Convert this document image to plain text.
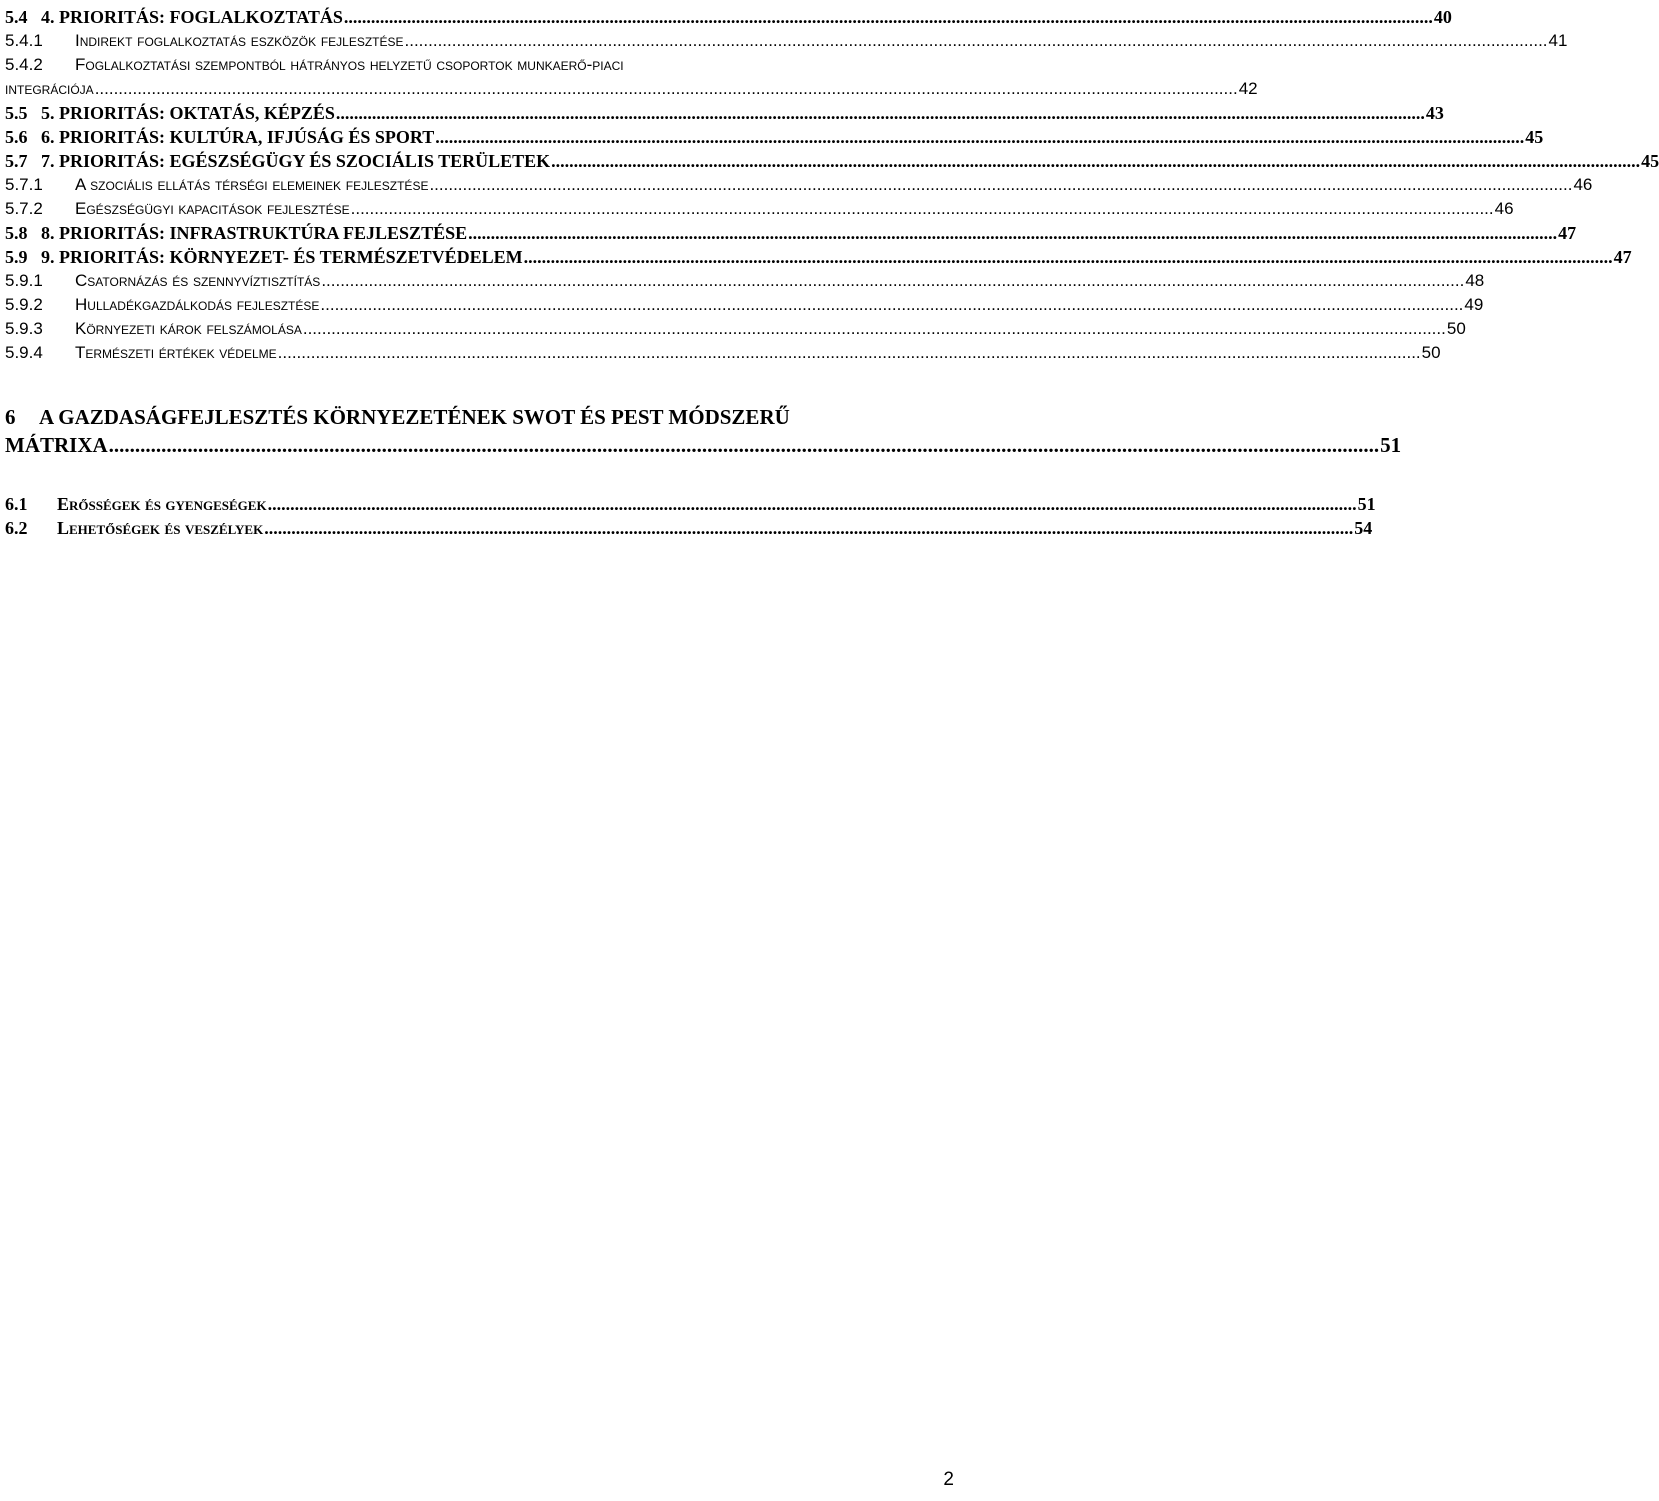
5.4 4. PRIORITÁS: FOGLALKOZTATÁS .....	40
5.4.1	Indirekt foglalkoztatás eszközök fejlesztése .....	41
5.4.2 Foglalkoztatási szempontból hátrányos helyzetű csoportok munkaerő-piaci
integrációja .....	42
5.5 5. PRIORITÁS: OKTATÁS, KÉPZÉS .....	43
5.6 6. PRIORITÁS: KULTÚRA, IFJÚSÁG ÉS SPORT .....	45
5.7 7. PRIORITÁS: EGÉSZSÉGÜGY ÉS SZOCIÁLIS TERÜLETEK .....	45
5.7.1	A szociális ellátás térségi elemeinek fejlesztése .....	46
5.7.2	Egészségügyi kapacitások fejlesztése .....	46
5.8 8. PRIORITÁS: INFRASTRUKTÚRA FEJLESZTÉSE .....	47
5.9 9. PRIORITÁS: KÖRNYEZET- ÉS TERMÉSZETVÉDELEM .....	47
5.9.1	Csatornázás és szennyvíztisztítás .....	48
5.9.2	Hulladékgazdálkodás fejlesztése .....	49
5.9.3	Környezeti károk felszámolása .....	50
5.9.4	Természeti értékek védelme .....	50
6 A GAZDASÁGFEJLESZTÉS KÖRNYEZETÉNEK SWOT ÉS PEST MÓDSZERŰ
MÁTRIXA .....	51
6.1	Erősségek és gyengeségek .....	51
6.2	Lehetőségek és veszélyek .....	54
2
